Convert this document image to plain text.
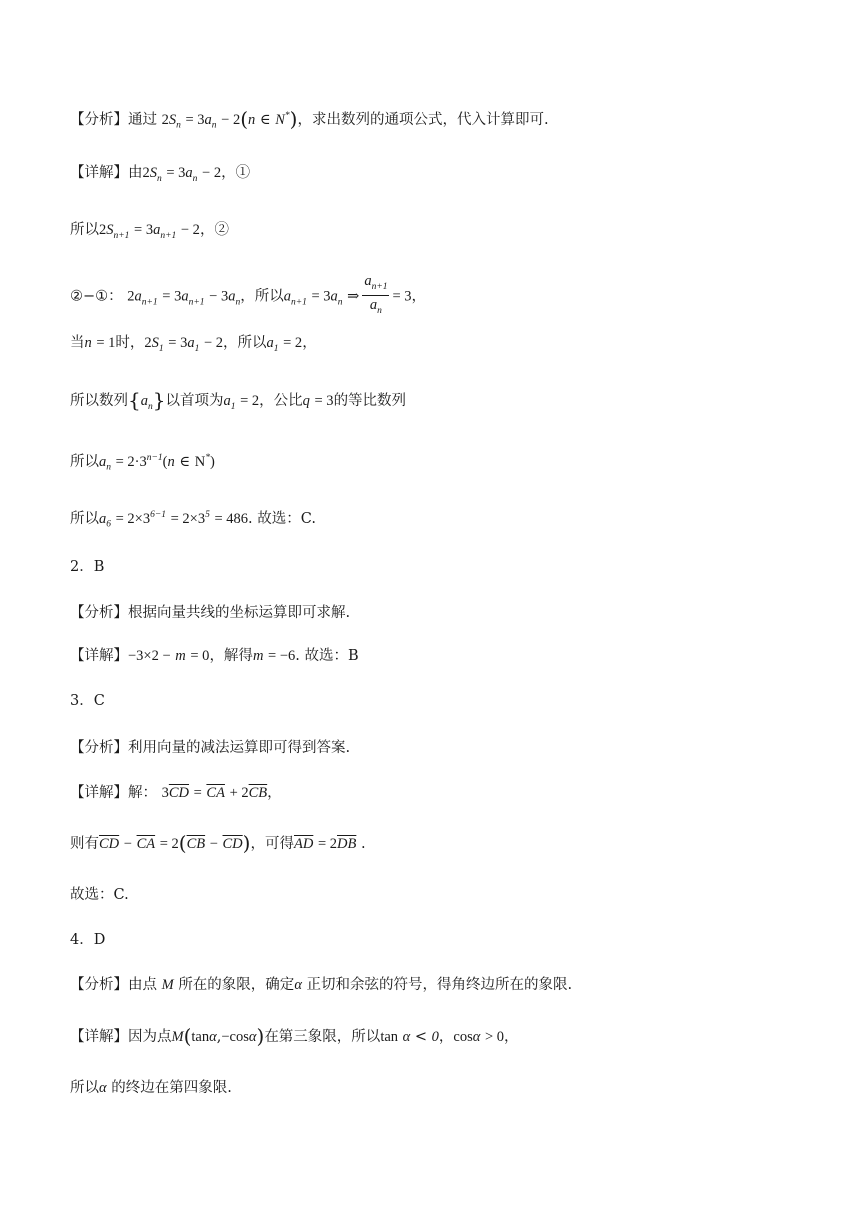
【分析】通过 $2S_n = 3a_n - 2(n$ ∈ N*)，求出数列的通项公式，代入计算即可.
【详解】由$2S_n = 3a_n - 2$，①
所以$2S_{n+1} = 3a_{n+1} - 2$，②
②−①： $2a_{n+1} = 3a_{n+1} - 3a_n$，所以$a_{n+1} = 3a_n$ ⇒ $\frac{a_{n+1}}{a_n} = 3$，
当n = 1时，$2S_1 = 3a_1 - 2$，所以$a_1 = 2$，
所以数列$\{a_n\}$以首项为$a_1 = 2$，公比q = 3的等比数列
所以$a_n = 2\cdot 3^{n-1}(n$ ∈ N*)
所以$a_6 = 2\times 3^{6-1} = 2\times 3^5 = 486$. 故选：C.
2．B
【分析】根据向量共线的坐标运算即可求解.
【详解】−3×2 − m = 0，解得m = −6. 故选：B
3．C
【分析】利用向量的减法运算即可得到答案.
【详解】解： $3\overline{CD} = \overline{CA} + 2\overline{CB}$，
则有$\overline{CD} - \overline{CA} = 2(\overline{CB} - \overline{CD})$，可得$\overline{AD} = 2\overline{DB}$ .
故选：C.
4．D
【分析】由点 M 所在的象限，确定α 正切和余弦的符号，得角终边所在的象限.
【详解】因为点M(tanα,−cosα)在第三象限，所以tan α < 0，cosα > 0，
所以α 的终边在第四象限.
